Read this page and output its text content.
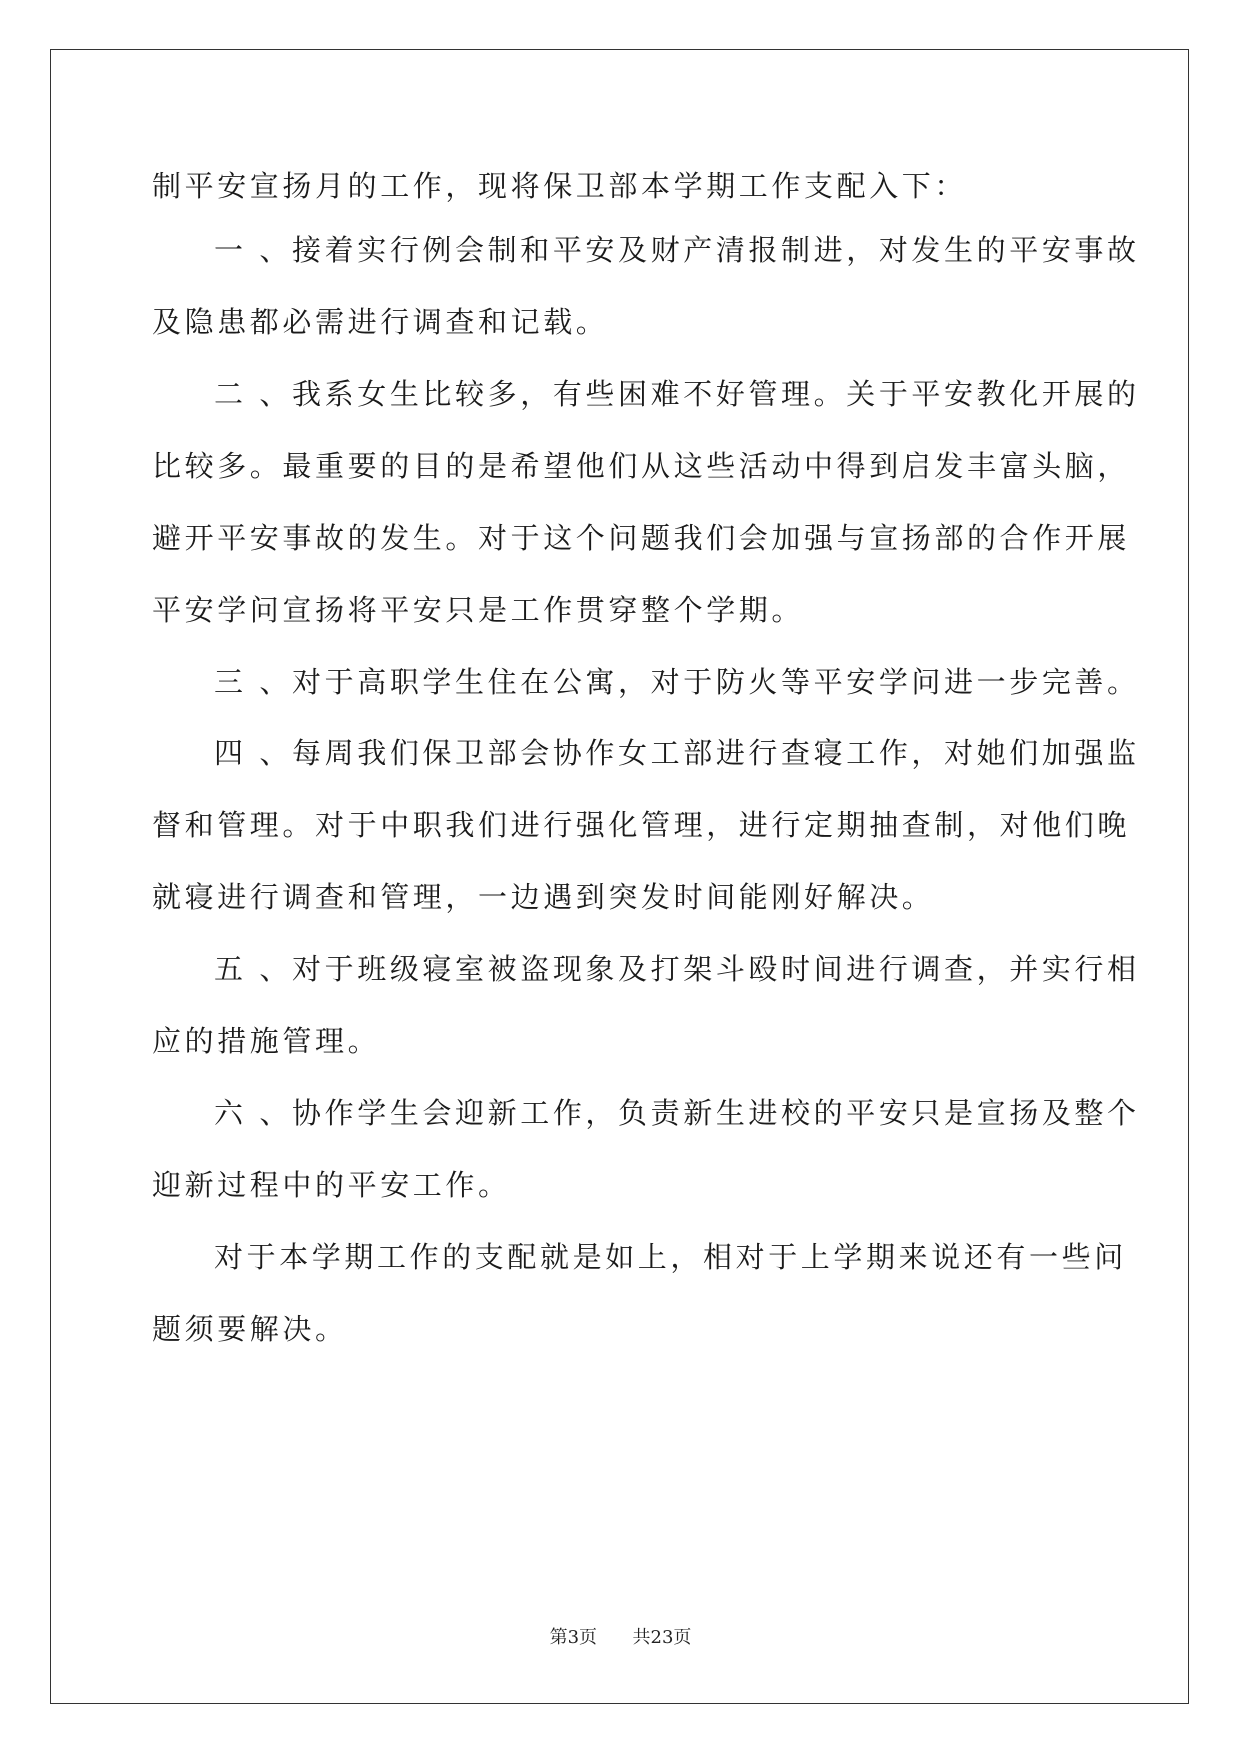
制平安宣扬月的工作，现将保卫部本学期工作支配入下：
一 、接着实行例会制和平安及财产清报制进，对发生的平安事故
及隐患都必需进行调查和记载。
二 、我系女生比较多，有些困难不好管理。关于平安教化开展的
比较多。最重要的目的是希望他们从这些活动中得到启发丰富头脑，
避开平安事故的发生。对于这个问题我们会加强与宣扬部的合作开展
平安学问宣扬将平安只是工作贯穿整个学期。
三 、对于高职学生住在公寓，对于防火等平安学问进一步完善。
四 、每周我们保卫部会协作女工部进行查寝工作，对她们加强监
督和管理。对于中职我们进行强化管理，进行定期抽查制，对他们晚
就寝进行调查和管理，一边遇到突发时间能刚好解决。
五 、对于班级寝室被盗现象及打架斗殴时间进行调查，并实行相
应的措施管理。
六 、协作学生会迎新工作，负责新生进校的平安只是宣扬及整个
迎新过程中的平安工作。
对于本学期工作的支配就是如上，相对于上学期来说还有一些问
题须要解决。
第3页 共23页
